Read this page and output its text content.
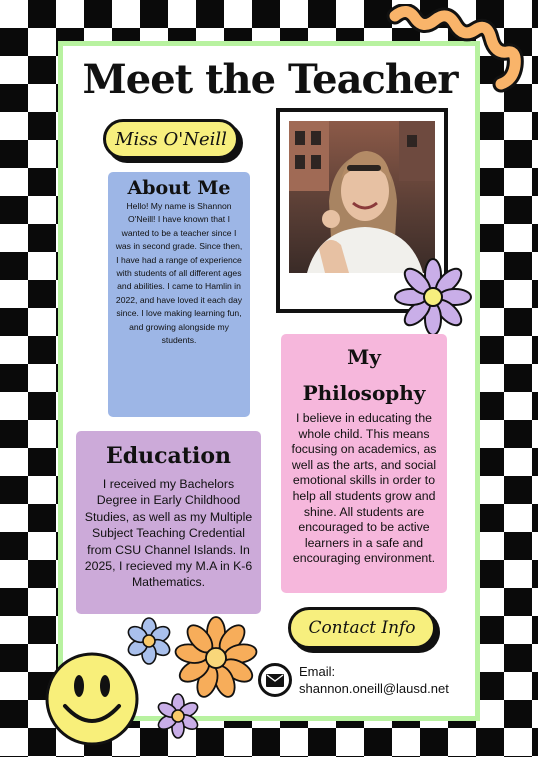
Meet the Teacher
Miss O'Neill
About Me

Hello! My name is Shannon O'Neill! I have known that I wanted to be a teacher since I was in second grade. Since then, I have had a range of experience with students of all different ages and abilities. I came to Hamlin in 2022, and have loved it each day since. I love making learning fun, and growing alongside my students.

My Philosophy

I believe in educating the whole child. This means focusing on academics, as well as the arts, and social emotional skills in order to help all students grow and shine. All students are encouraged to be active learners in a safe and encouraging environment.

Education

I received my Bachelors Degree in Early Childhood Studies, as well as my Multiple Subject Teaching Credential from CSU Channel Islands. In 2025, I recieved my M.A in K-6 Mathematics.

Contact Info
Email:
shannon.oneill@lausd.net
